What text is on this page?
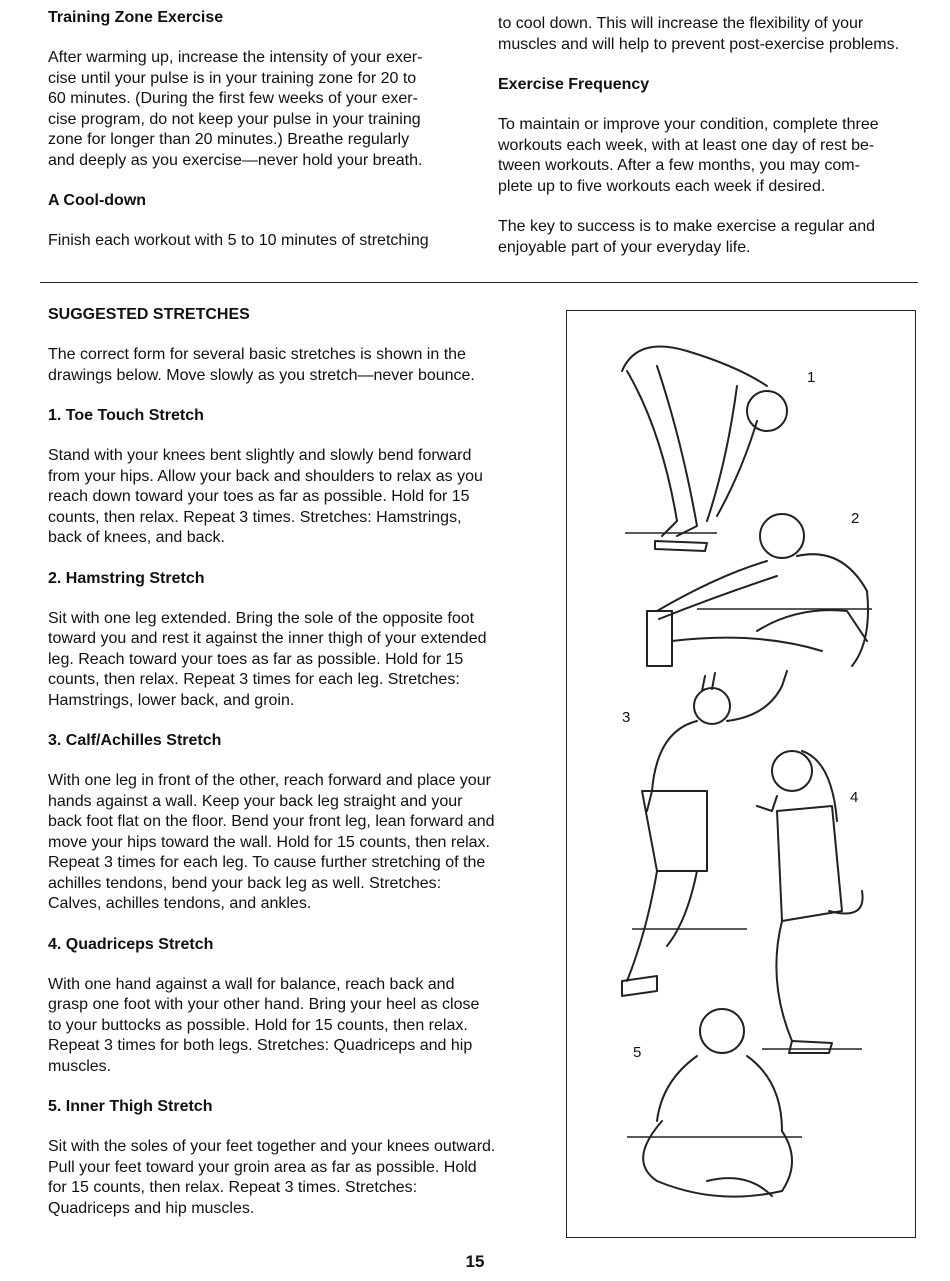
Training Zone Exercise
After warming up, increase the intensity of your exer-
cise until your pulse is in your training zone for 20 to
60 minutes. (During the first few weeks of your exer-
cise program, do not keep your pulse in your training
zone for longer than 20 minutes.) Breathe regularly
and deeply as you exercise—never hold your breath.
A Cool-down
Finish each workout with 5 to 10 minutes of stretching
to cool down. This will increase the flexibility of your
muscles and will help to prevent post-exercise problems.
Exercise Frequency
To maintain or improve your condition, complete three
workouts each week, with at least one day of rest be-
tween workouts. After a few months, you may com-
plete up to five workouts each week if desired.
The key to success is to make exercise a regular and
enjoyable part of your everyday life.
SUGGESTED STRETCHES
The correct form for several basic stretches is shown in the
drawings below. Move slowly as you stretch—never bounce.
1. Toe Touch Stretch
Stand with your knees bent slightly and slowly bend forward
from your hips. Allow your back and shoulders to relax as you
reach down toward your toes as far as possible. Hold for 15
counts, then relax. Repeat 3 times. Stretches: Hamstrings,
back of knees, and back.
2. Hamstring Stretch
Sit with one leg extended. Bring the sole of the opposite foot
toward you and rest it against the inner thigh of your extended
leg. Reach toward your toes as far as possible. Hold for 15
counts, then relax. Repeat 3 times for each leg. Stretches:
Hamstrings, lower back, and groin.
3. Calf/Achilles Stretch
With one leg in front of the other, reach forward and place your
hands against a wall. Keep your back leg straight and your
back foot flat on the floor. Bend your front leg, lean forward and
move your hips toward the wall. Hold for 15 counts, then relax.
Repeat 3 times for each leg. To cause further stretching of the
achilles tendons, bend your back leg as well. Stretches:
Calves, achilles tendons, and ankles.
4. Quadriceps Stretch
With one hand against a wall for balance, reach back and
grasp one foot with your other hand. Bring your heel as close
to your buttocks as possible. Hold for 15 counts, then relax.
Repeat 3 times for both legs. Stretches: Quadriceps and hip
muscles.
5. Inner Thigh Stretch
Sit with the soles of your feet together and your knees outward.
Pull your feet toward your groin area as far as possible. Hold
for 15 counts, then relax. Repeat 3 times. Stretches:
Quadriceps and hip muscles.
1
2
3
4
5
15
